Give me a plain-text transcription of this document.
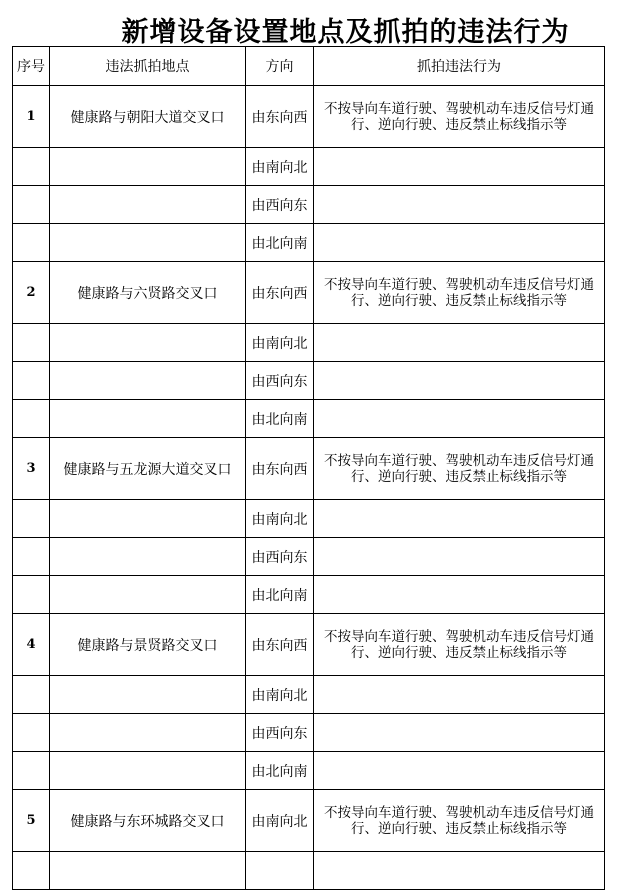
新增设备设置地点及抓拍的违法行为
序号	违法抓拍地点	方向	抓拍违法行为
1	健康路与朝阳大道交叉口	由东向西	不按导向车道行驶、驾驶机动车违反信号灯通行、逆向行驶、违反禁止标线指示等
		由南向北	
		由西向东	
		由北向南	
2	健康路与六贤路交叉口	由东向西	不按导向车道行驶、驾驶机动车违反信号灯通行、逆向行驶、违反禁止标线指示等
		由南向北	
		由西向东	
		由北向南	
3	健康路与五龙源大道交叉口	由东向西	不按导向车道行驶、驾驶机动车违反信号灯通行、逆向行驶、违反禁止标线指示等
		由南向北	
		由西向东	
		由北向南	
4	健康路与景贤路交叉口	由东向西	不按导向车道行驶、驾驶机动车违反信号灯通行、逆向行驶、违反禁止标线指示等
		由南向北	
		由西向东	
		由北向南	
5	健康路与东环城路交叉口	由南向北	不按导向车道行驶、驾驶机动车违反信号灯通行、逆向行驶、违反禁止标线指示等
